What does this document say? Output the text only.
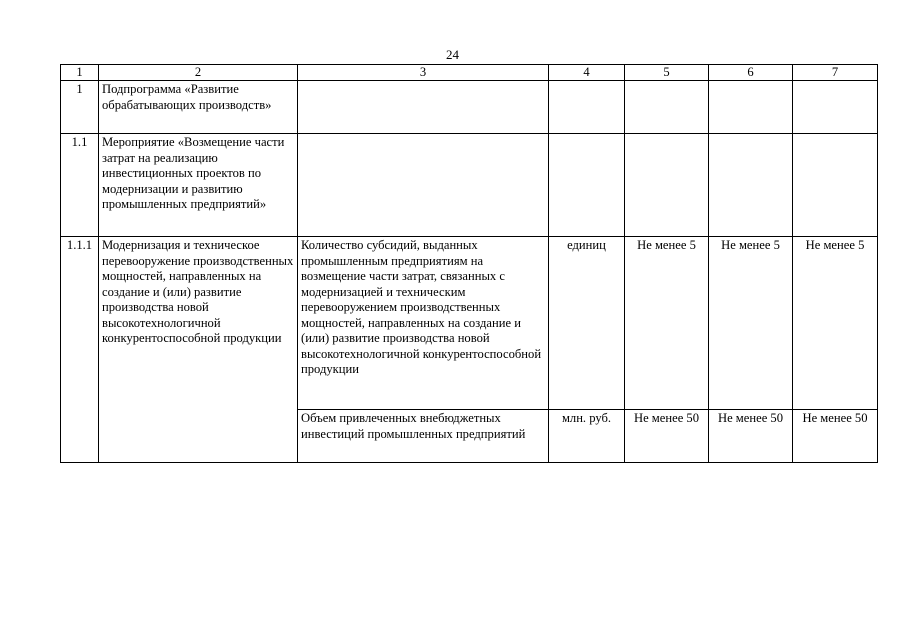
24
1	2	3	4	5	6	7
1	Подпрограмма «Развитие обрабатывающих производств»					
1.1	Мероприятие «Возмещение части затрат на реализацию инвестиционных проектов по модернизации и развитию промышленных предприятий»					
1.1.1	Модернизация и техническое перевооружение производственных мощностей, направленных на создание и (или) развитие производства новой высокотехнологичной конкурентоспособной продукции	Количество субсидий, выданных промышленным предприятиям на возмещение части затрат, связанных с модернизацией и техническим перевооружением производственных мощностей, направленных на создание и (или) развитие производства новой высокотехнологичной конкурентоспособной продукции	единиц	Не менее 5	Не менее 5	Не менее 5
		Объем привлеченных внебюджетных инвестиций промышленных предприятий	млн. руб.	Не менее 50	Не менее 50	Не менее 50
